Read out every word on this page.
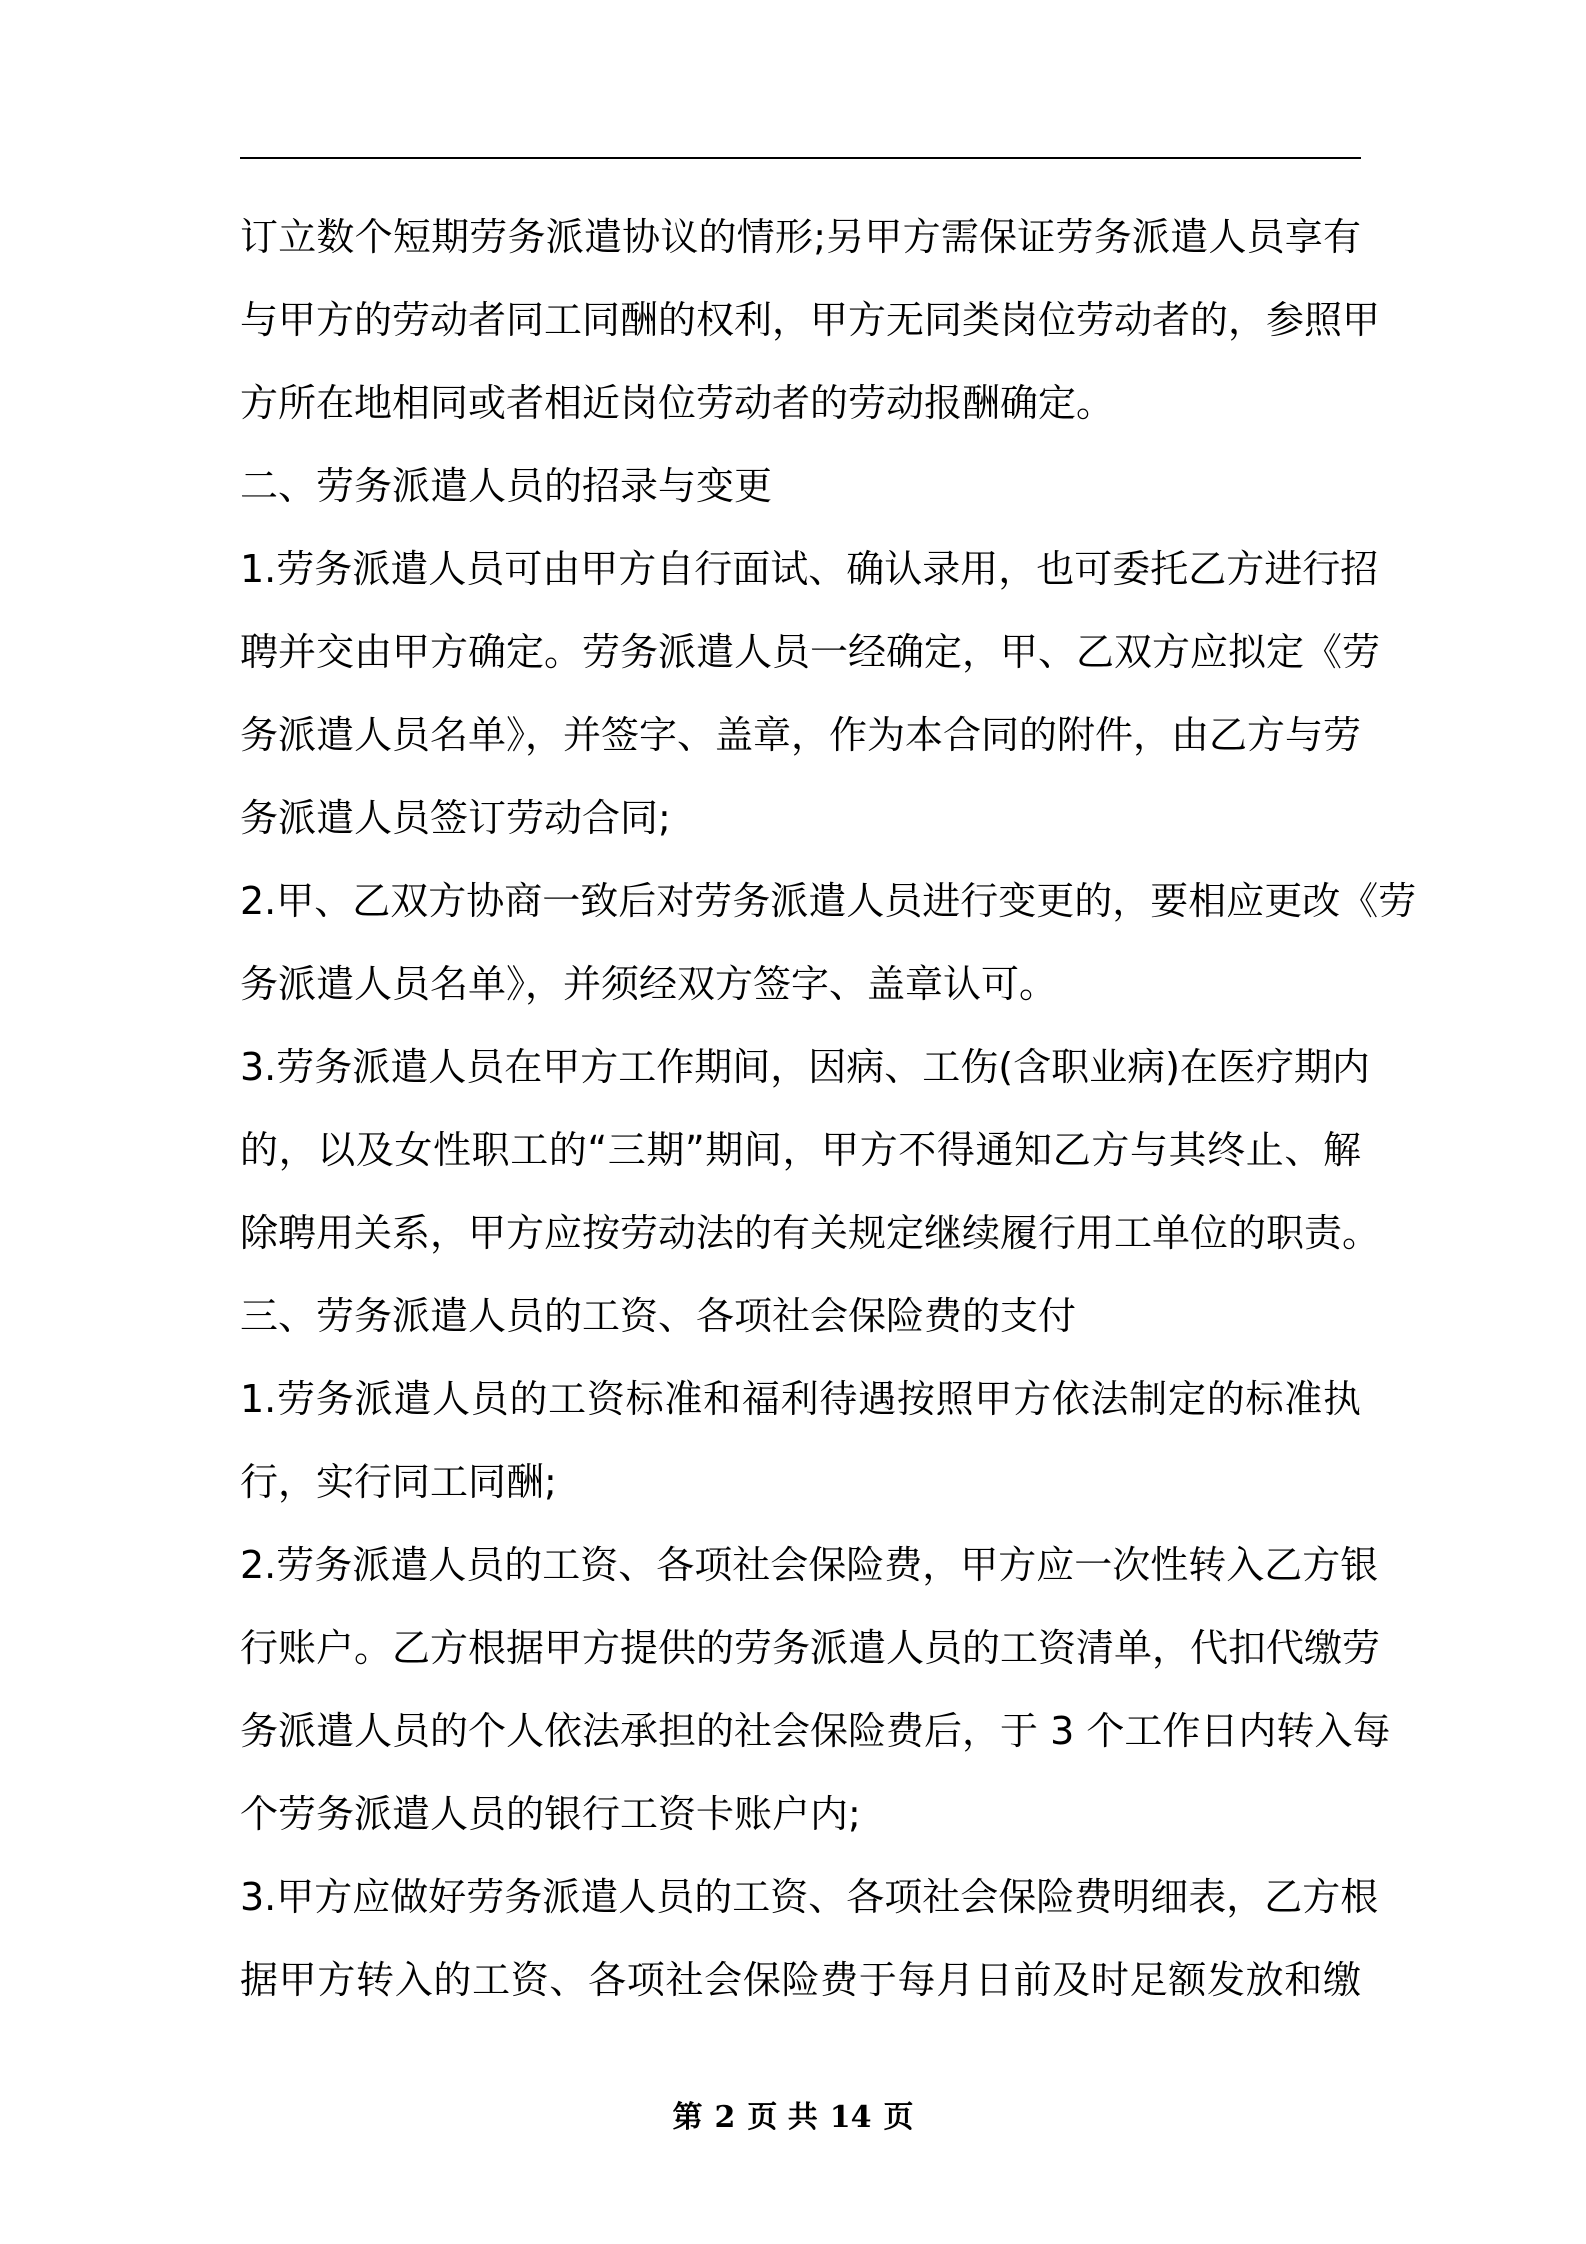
订立数个短期劳务派遣协议的情形;另甲方需保证劳务派遣人员享有
与甲方的劳动者同工同酬的权利，甲方无同类岗位劳动者的，参照甲
方所在地相同或者相近岗位劳动者的劳动报酬确定。
二、劳务派遣人员的招录与变更
1.劳务派遣人员可由甲方自行面试、确认录用，也可委托乙方进行招
聘并交由甲方确定。劳务派遣人员一经确定，甲、乙双方应拟定《劳
务派遣人员名单》，并签字、盖章，作为本合同的附件，由乙方与劳
务派遣人员签订劳动合同;
2.甲、乙双方协商一致后对劳务派遣人员进行变更的，要相应更改《劳
务派遣人员名单》，并须经双方签字、盖章认可。
3.劳务派遣人员在甲方工作期间，因病、工伤(含职业病)在医疗期内
的，以及女性职工的“三期”期间，甲方不得通知乙方与其终止、解
除聘用关系，甲方应按劳动法的有关规定继续履行用工单位的职责。
三、劳务派遣人员的工资、各项社会保险费的支付
1.劳务派遣人员的工资标准和福利待遇按照甲方依法制定的标准执
行，实行同工同酬;
2.劳务派遣人员的工资、各项社会保险费，甲方应一次性转入乙方银
行账户。乙方根据甲方提供的劳务派遣人员的工资清单，代扣代缴劳
务派遣人员的个人依法承担的社会保险费后，于 3 个工作日内转入每
个劳务派遣人员的银行工资卡账户内;
3.甲方应做好劳务派遣人员的工资、各项社会保险费明细表，乙方根
据甲方转入的工资、各项社会保险费于每月日前及时足额发放和缴
第 2 页 共 14 页
